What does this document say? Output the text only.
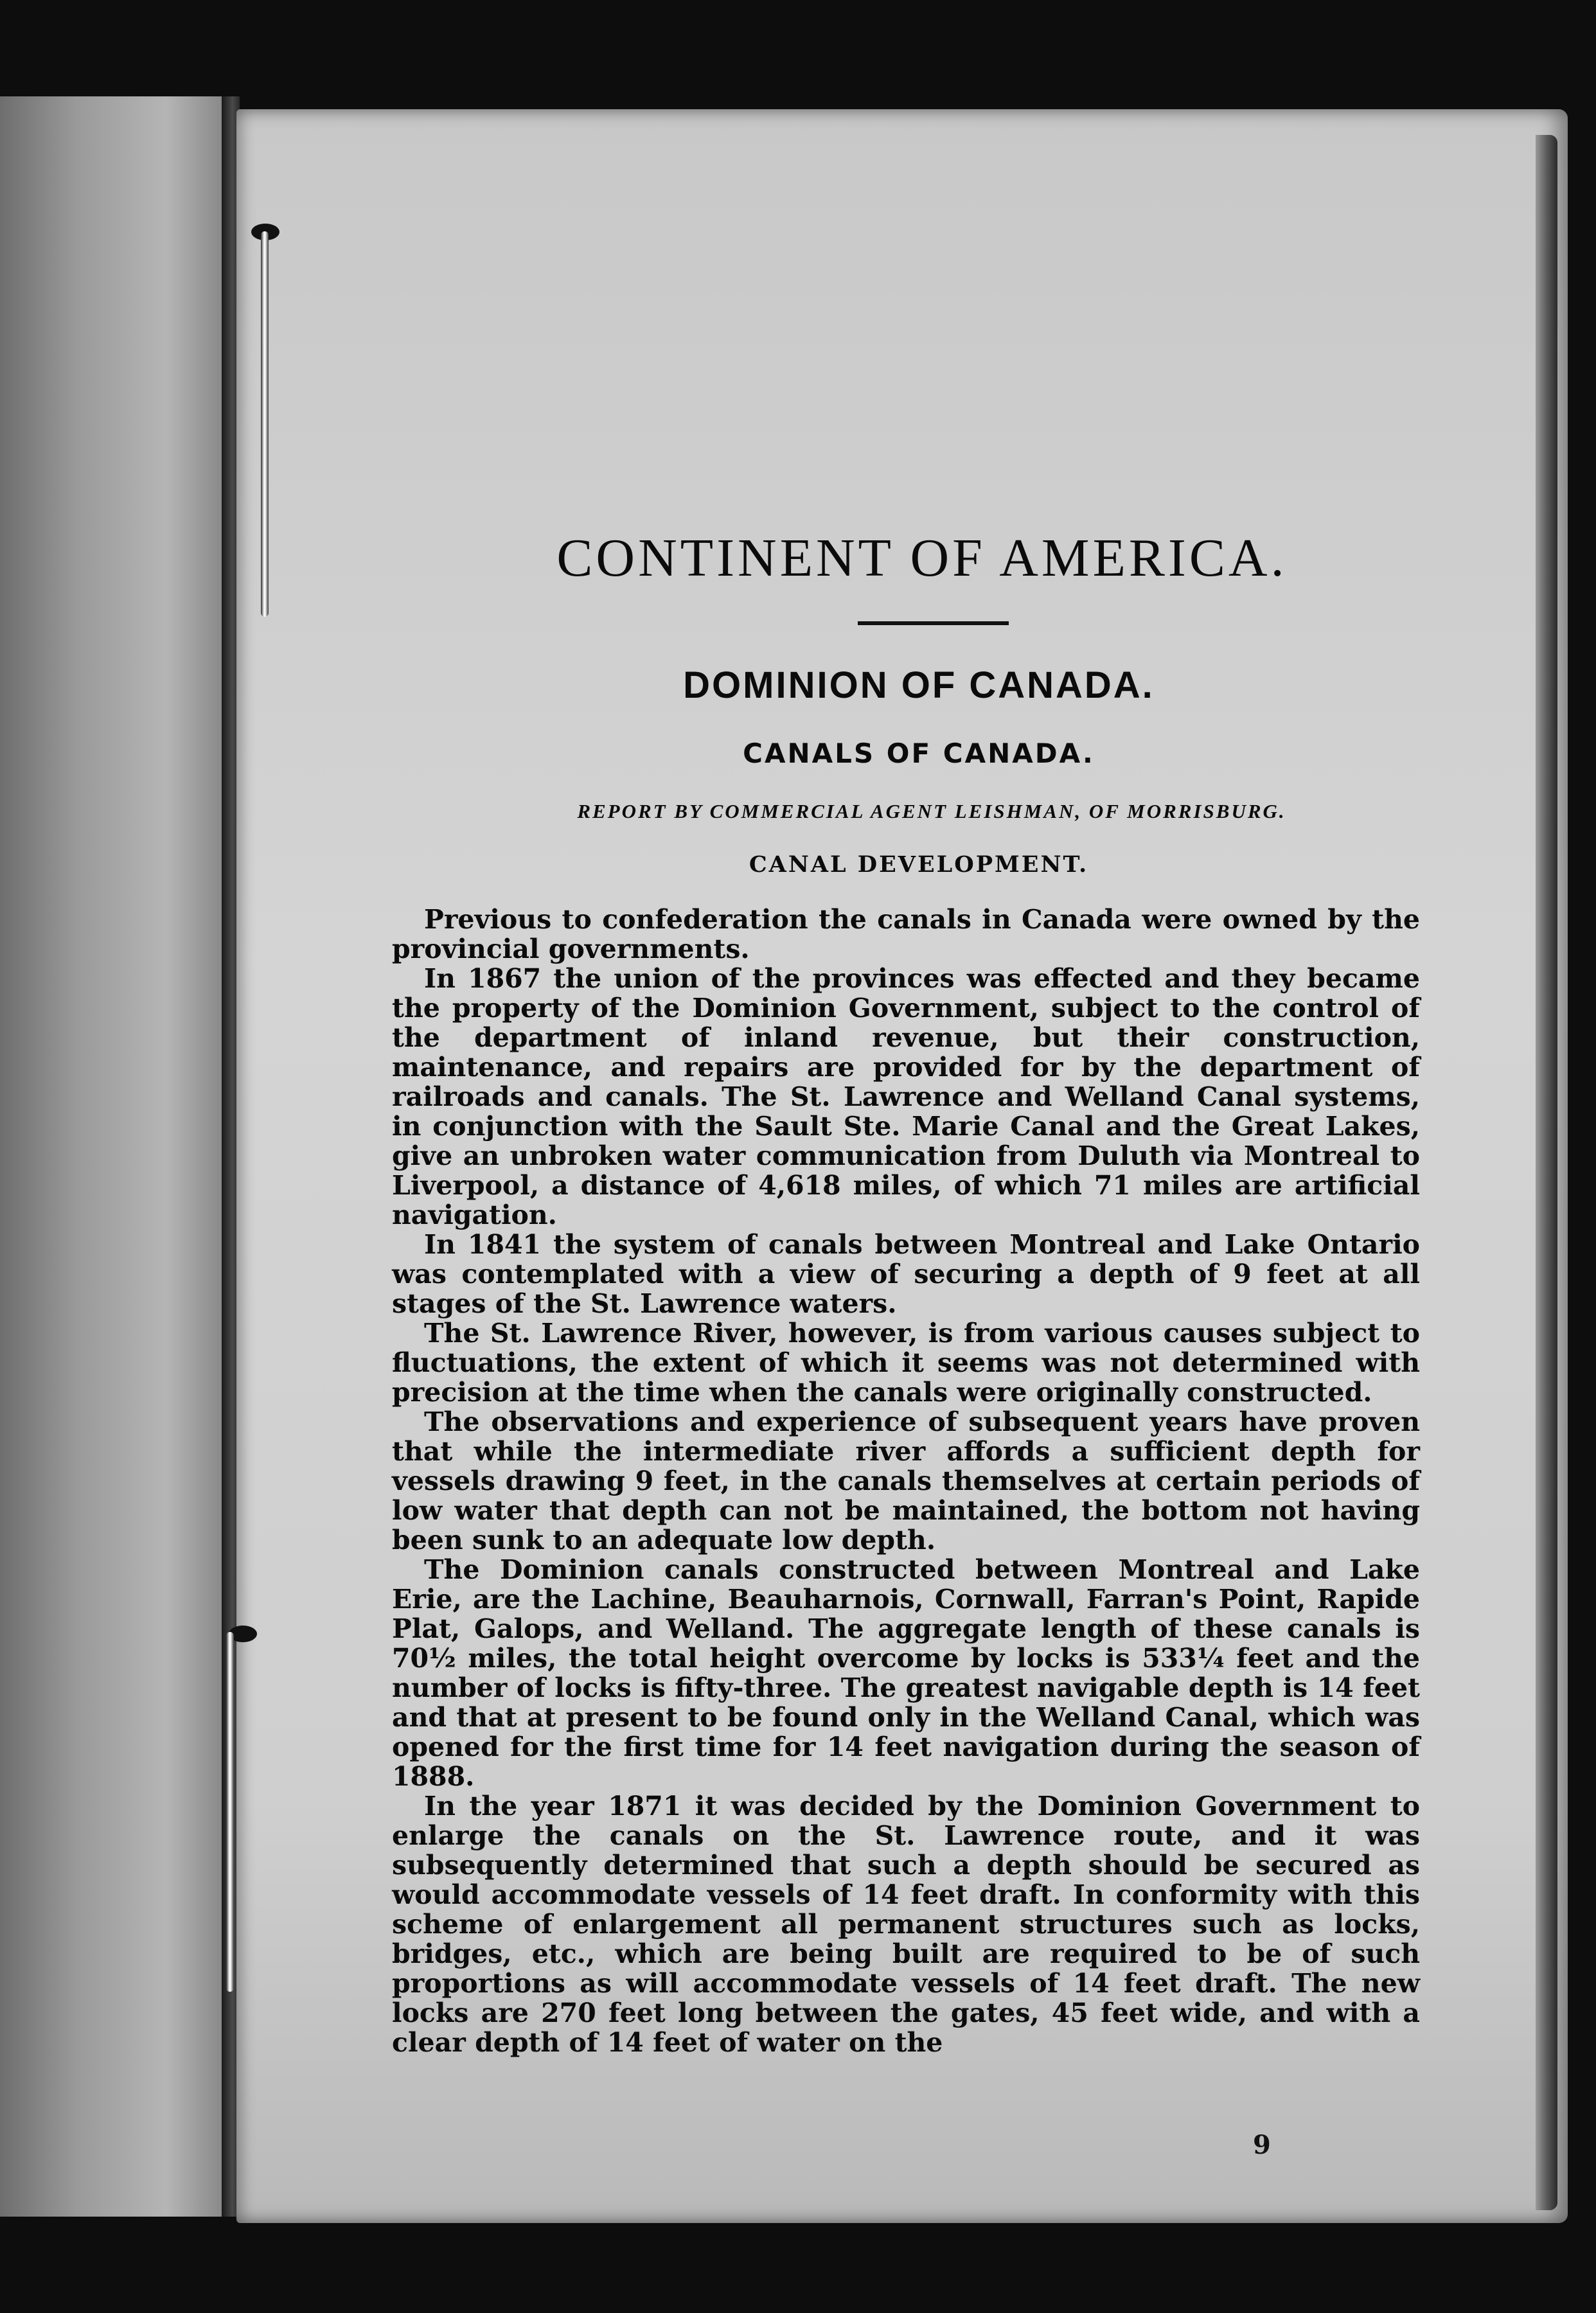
CONTINENT OF AMERICA.
DOMINION OF CANADA.
CANALS OF CANADA.
REPORT BY COMMERCIAL AGENT LEISHMAN, OF MORRISBURG.
CANAL DEVELOPMENT.

Previous to confederation the canals in Canada were owned by the provincial governments.

In 1867 the union of the provinces was effected and they became the property of the Dominion Government, subject to the control of the department of inland revenue, but their construction, maintenance, and repairs are provided for by the department of railroads and canals. The St. Lawrence and Welland Canal systems, in conjunction with the Sault Ste. Marie Canal and the Great Lakes, give an unbroken water communication from Duluth via Montreal to Liverpool, a distance of 4,618 miles, of which 71 miles are artificial navigation.

In 1841 the system of canals between Montreal and Lake Ontario was contemplated with a view of securing a depth of 9 feet at all stages of the St. Lawrence waters.

The St. Lawrence River, however, is from various causes subject to fluctuations, the extent of which it seems was not determined with precision at the time when the canals were originally constructed.

The observations and experience of subsequent years have proven that while the intermediate river affords a sufficient depth for vessels drawing 9 feet, in the canals themselves at certain periods of low water that depth can not be maintained, the bottom not having been sunk to an adequate low depth.

The Dominion canals constructed between Montreal and Lake Erie, are the Lachine, Beauharnois, Cornwall, Farran's Point, Rapide Plat, Galops, and Welland. The aggregate length of these canals is 70½ miles, the total height overcome by locks is 533¼ feet and the number of locks is fifty-three. The greatest navigable depth is 14 feet and that at present to be found only in the Welland Canal, which was opened for the first time for 14 feet navigation during the season of 1888.

In the year 1871 it was decided by the Dominion Government to enlarge the canals on the St. Lawrence route, and it was subsequently determined that such a depth should be secured as would accommodate vessels of 14 feet draft. In conformity with this scheme of enlargement all permanent structures such as locks, bridges, etc., which are being built are required to be of such proportions as will accommodate vessels of 14 feet draft. The new locks are 270 feet long between the gates, 45 feet wide, and with a clear depth of 14 feet of water on the

9
